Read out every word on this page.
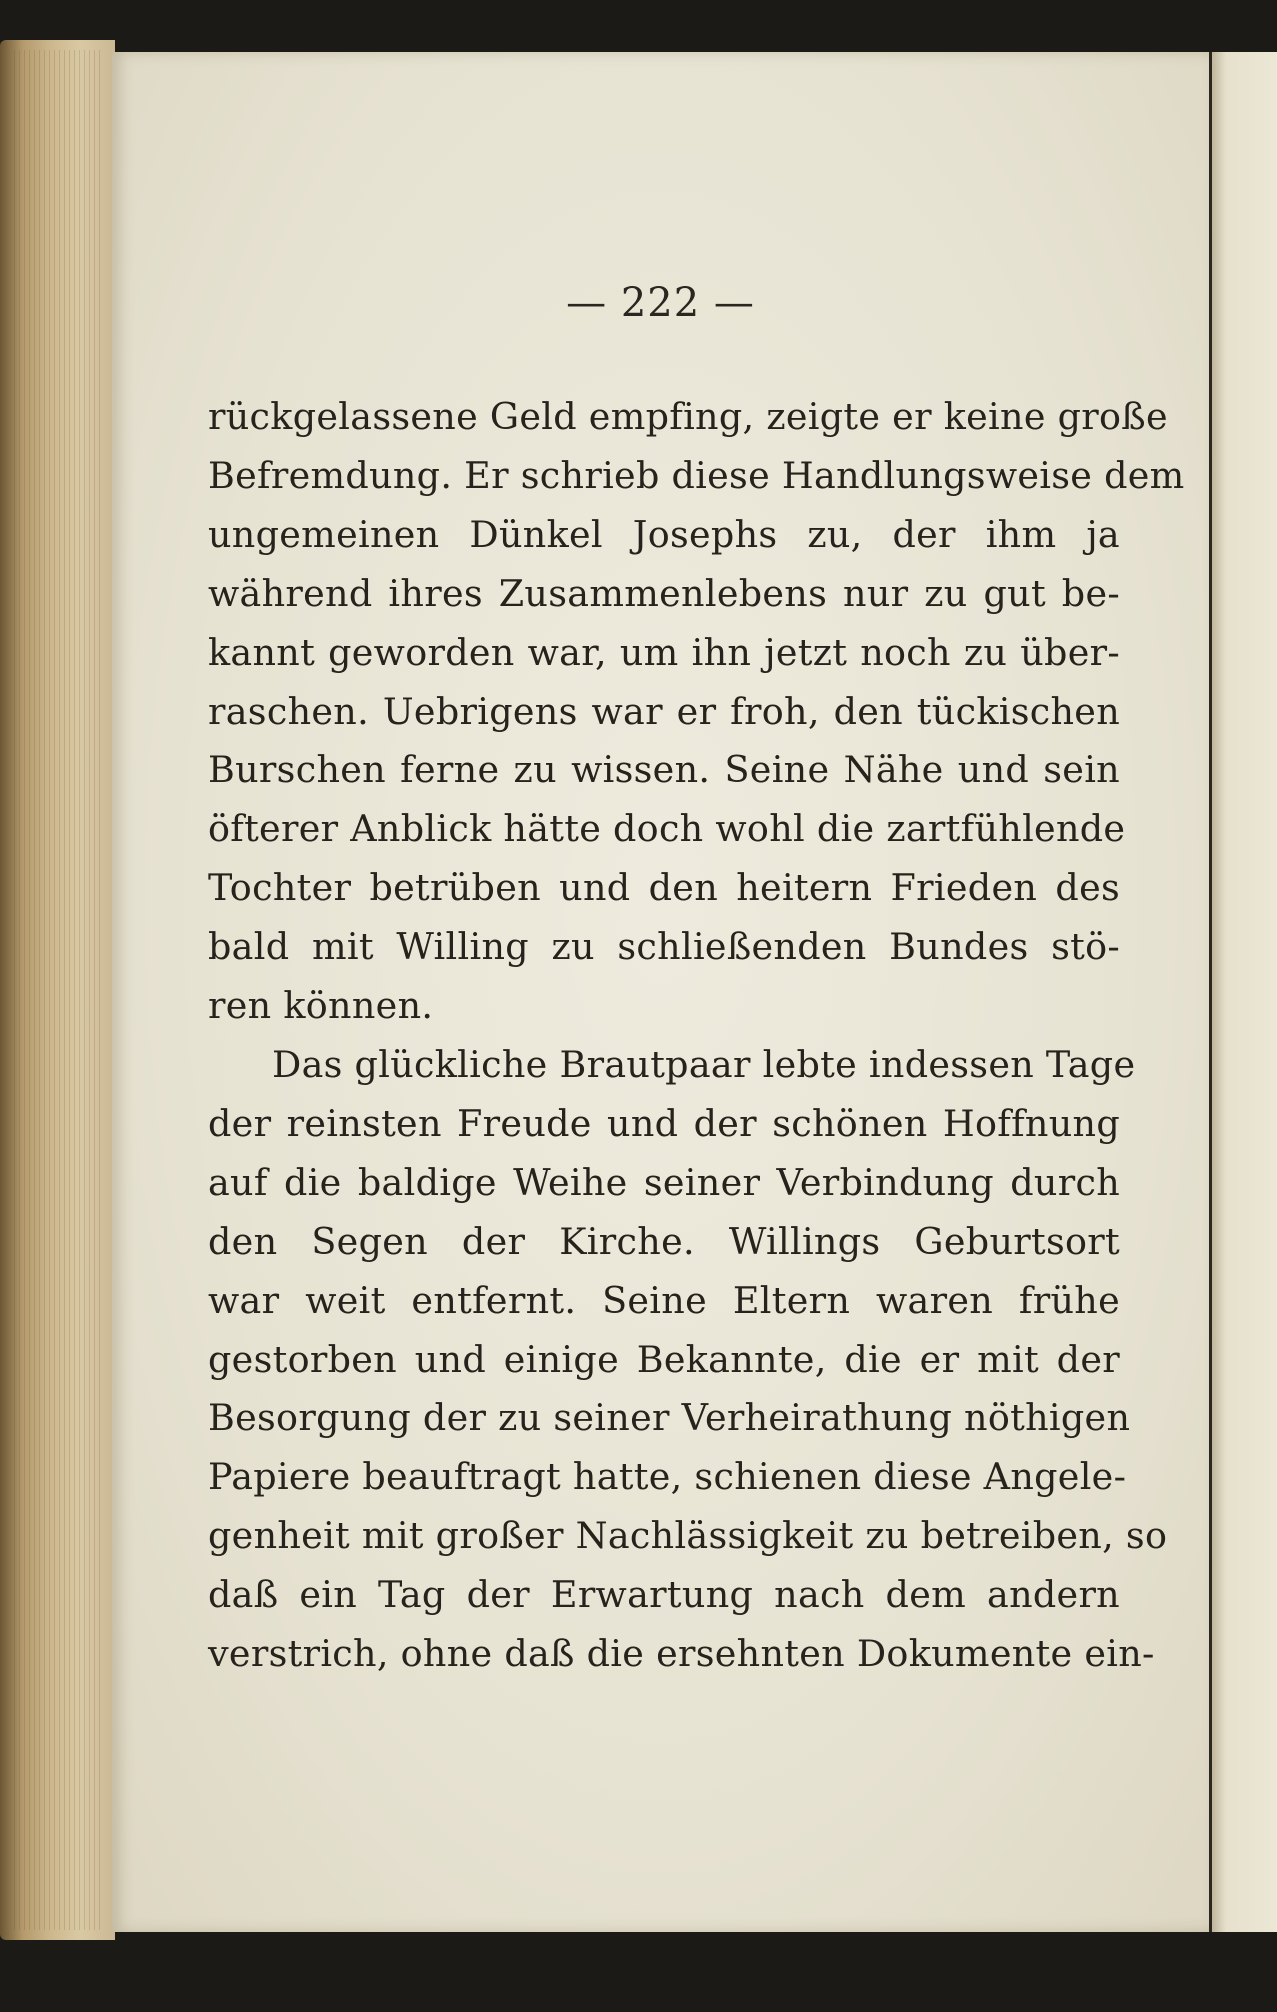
— 222 —

rückgelassene Geld empfing, zeigte er keine große
Befremdung. Er schrieb diese Handlungsweise dem
ungemeinen Dünkel Josephs zu, der ihm ja
während ihres Zusammenlebens nur zu gut be-
kannt geworden war, um ihn jetzt noch zu über-
raschen. Uebrigens war er froh, den tückischen
Burschen ferne zu wissen. Seine Nähe und sein
öfterer Anblick hätte doch wohl die zartfühlende
Tochter betrüben und den heitern Frieden des
bald mit Willing zu schließenden Bundes stö-
ren können.

Das glückliche Brautpaar lebte indessen Tage
der reinsten Freude und der schönen Hoffnung
auf die baldige Weihe seiner Verbindung durch
den Segen der Kirche. Willings Geburtsort
war weit entfernt. Seine Eltern waren frühe
gestorben und einige Bekannte, die er mit der
Besorgung der zu seiner Verheirathung nöthigen
Papiere beauftragt hatte, schienen diese Angele-
genheit mit großer Nachlässigkeit zu betreiben, so
daß ein Tag der Erwartung nach dem andern
verstrich, ohne daß die ersehnten Dokumente ein-
